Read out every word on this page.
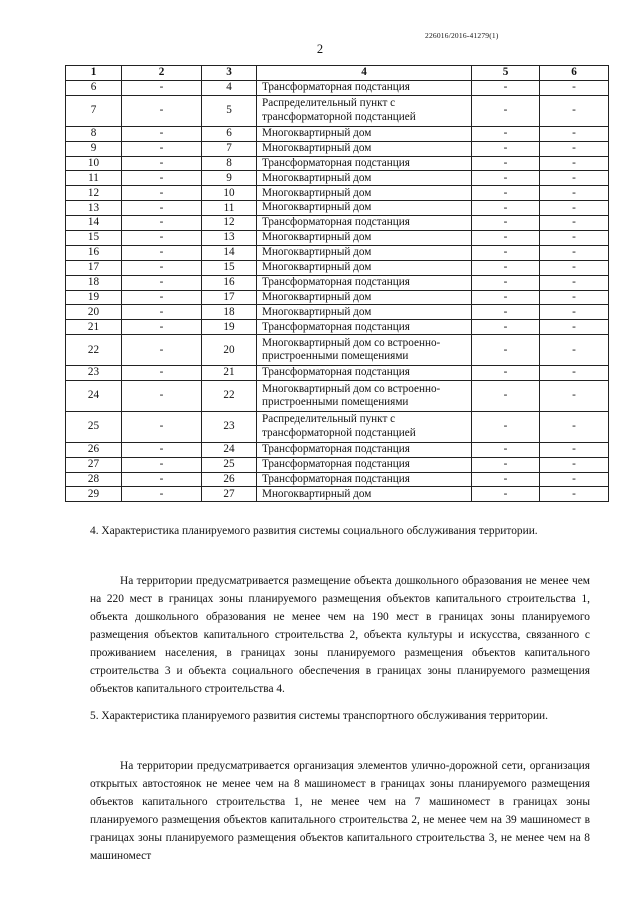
226016/2016-41279(1)
2
1	2	3	4	5	6
6	-	4	Трансформаторная подстанция	-	-
7	-	5	Распределительный пункт с трансформаторной подстанцией	-	-
8	-	6	Многоквартирный дом	-	-
9	-	7	Многоквартирный дом	-	-
10	-	8	Трансформаторная подстанция	-	-
11	-	9	Многоквартирный дом	-	-
12	-	10	Многоквартирный дом	-	-
13	-	11	Многоквартирный дом	-	-
14	-	12	Трансформаторная подстанция	-	-
15	-	13	Многоквартирный дом	-	-
16	-	14	Многоквартирный дом	-	-
17	-	15	Многоквартирный дом	-	-
18	-	16	Трансформаторная подстанция	-	-
19	-	17	Многоквартирный дом	-	-
20	-	18	Многоквартирный дом	-	-
21	-	19	Трансформаторная подстанция	-	-
22	-	20	Многоквартирный дом со встроенно-пристроенными помещениями	-	-
23	-	21	Трансформаторная подстанция	-	-
24	-	22	Многоквартирный дом со встроенно-пристроенными помещениями	-	-
25	-	23	Распределительный пункт с трансформаторной подстанцией	-	-
26	-	24	Трансформаторная подстанция	-	-
27	-	25	Трансформаторная подстанция	-	-
28	-	26	Трансформаторная подстанция	-	-
29	-	27	Многоквартирный дом	-	-
4. Характеристика планируемого развития системы социального обслуживания территории.
На территории предусматривается размещение объекта дошкольного образования не менее чем на 220 мест в границах зоны планируемого размещения объектов капитального строительства 1, объекта дошкольного образования не менее чем на 190 мест в границах зоны планируемого размещения объектов капитального строительства 2, объекта культуры и искусства, связанного с проживанием населения, в границах зоны планируемого размещения объектов капитального строительства 3 и объекта социального обеспечения в границах зоны планируемого размещения объектов капитального строительства 4.
5. Характеристика планируемого развития системы транспортного обслуживания территории.
На территории предусматривается организация элементов улично-дорожной сети, организация открытых автостоянок не менее чем на 8 машиномест в границах зоны планируемого размещения объектов капитального строительства 1, не менее чем на 7 машиномест в границах зоны планируемого размещения объектов капитального строительства 2, не менее чем на 39 машиномест в границах зоны планируемого размещения объектов капитального строительства 3, не менее чем на 8 машиномест
